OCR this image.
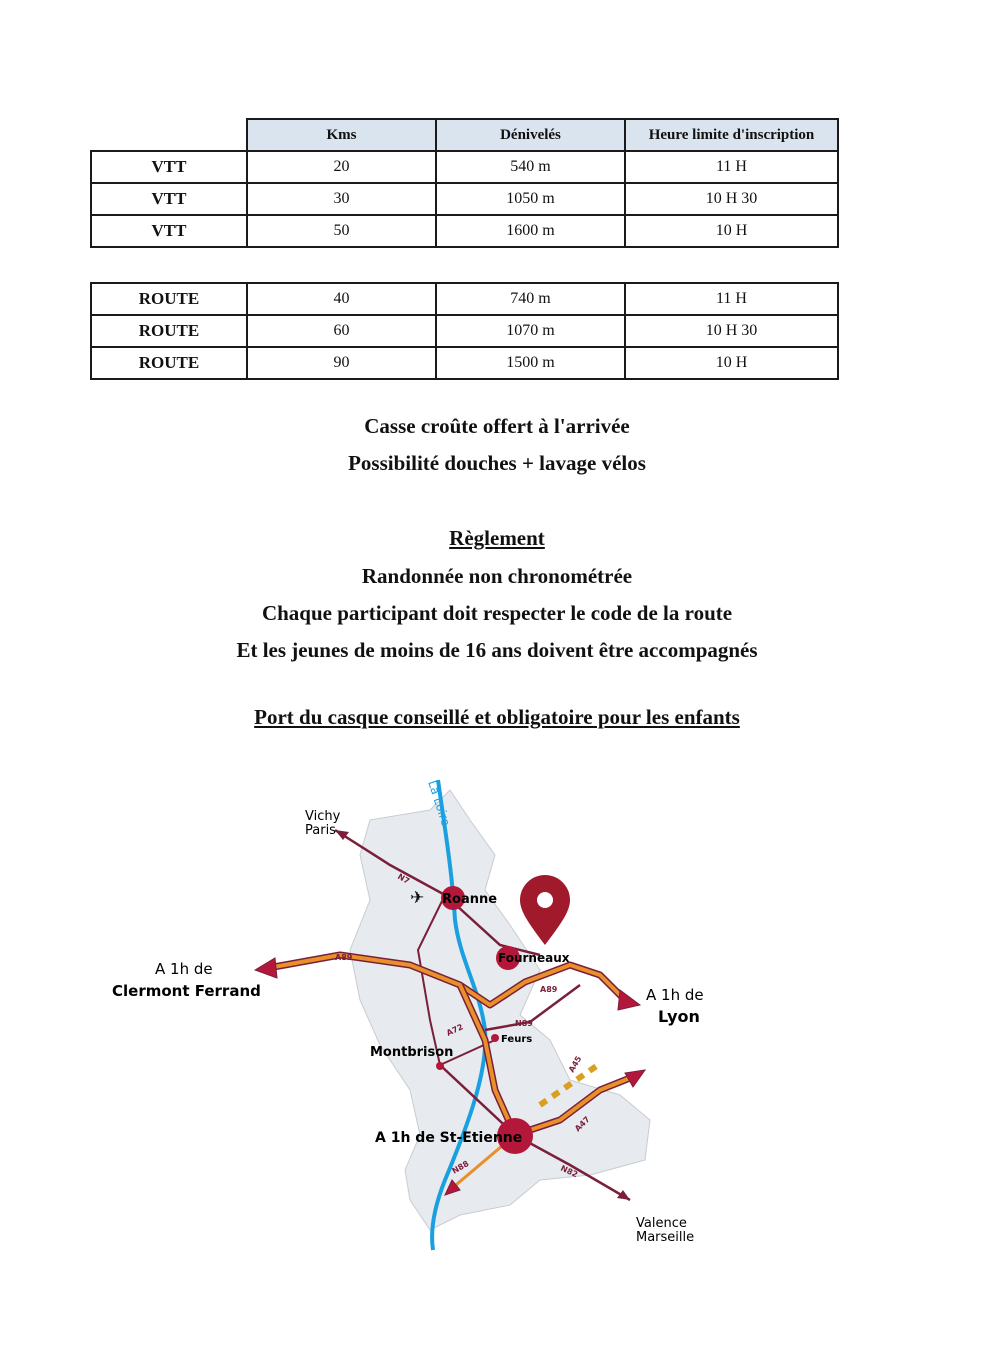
	Kms	Dénivelés	Heure limite d'inscription
VTT	20	540 m	11 H
VTT	30	1050 m	10 H 30
VTT	50	1600 m	10 H
ROUTE	40	740 m	11 H
ROUTE	60	1070 m	10 H 30
ROUTE	90	1500 m	10 H

Casse croûte offert à l'arrivée

Possibilité douches + lavage vélos

Règlement

Randonnée non chronométrée

Chaque participant doit respecter le code de la route

Et les jeunes de moins de 16 ans doivent être accompagnés

Port du casque conseillé et obligatoire pour les enfants

✈
La Loire
Vichy
Paris
Roanne
Fourneaux
Feurs
Montbrison
A 1h de
Clermont Ferrand	A 1h de
Lyon
A 1h de St-Etienne
Valence
Marseille
N7
A89
A89
A72	N89
A45
A47
N88	N82
